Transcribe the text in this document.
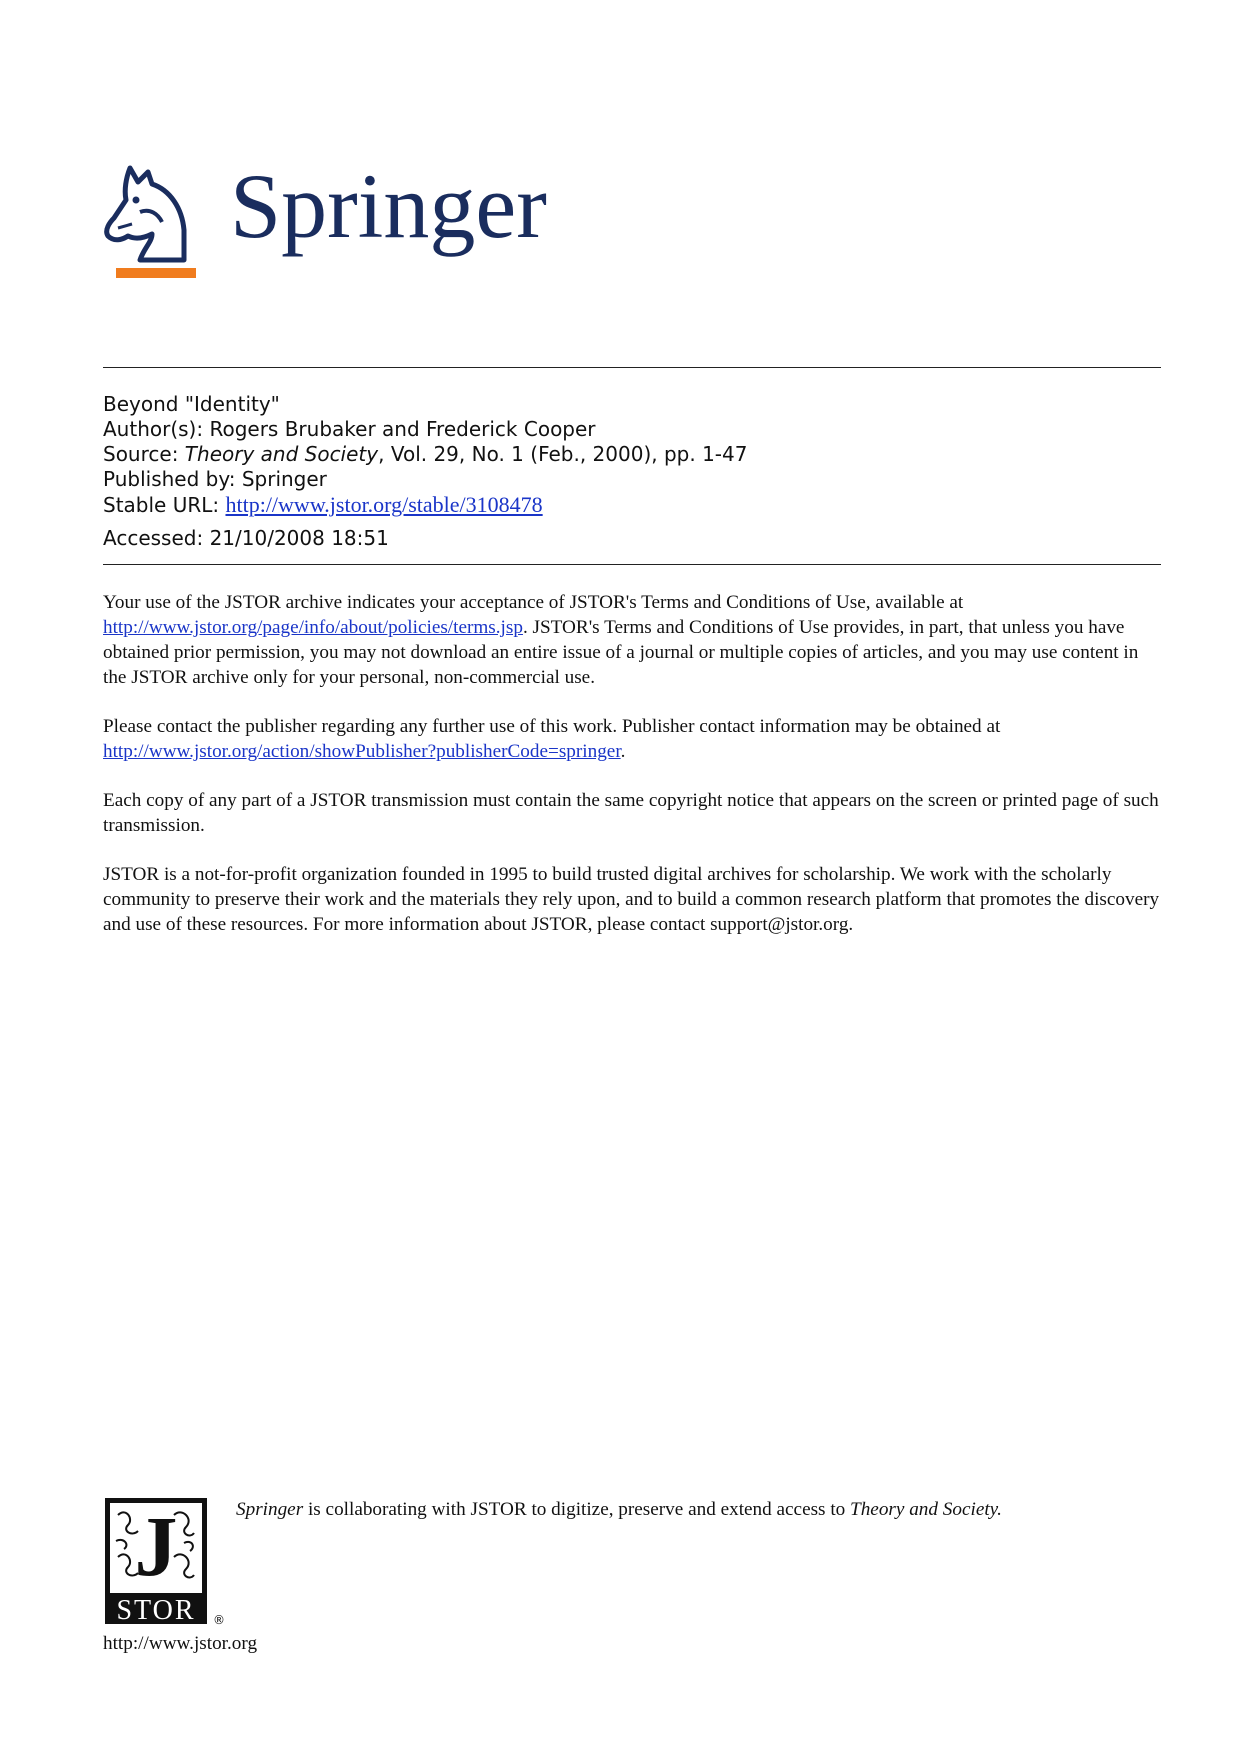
Springer
Beyond "Identity"
Author(s): Rogers Brubaker and Frederick Cooper
Source: Theory and Society, Vol. 29, No. 1 (Feb., 2000), pp. 1-47
Published by: Springer
Stable URL: http://www.jstor.org/stable/3108478
Accessed: 21/10/2008 18:51

Your use of the JSTOR archive indicates your acceptance of JSTOR's Terms and Conditions of Use, available at http://www.jstor.org/page/info/about/policies/terms.jsp. JSTOR's Terms and Conditions of Use provides, in part, that unless you have obtained prior permission, you may not download an entire issue of a journal or multiple copies of articles, and you may use content in the JSTOR archive only for your personal, non-commercial use.

Please contact the publisher regarding any further use of this work. Publisher contact information may be obtained at http://www.jstor.org/action/showPublisher?publisherCode=springer.

Each copy of any part of a JSTOR transmission must contain the same copyright notice that appears on the screen or printed page of such transmission.

JSTOR is a not-for-profit organization founded in 1995 to build trusted digital archives for scholarship. We work with the scholarly community to preserve their work and the materials they rely upon, and to build a common research platform that promotes the discovery and use of these resources. For more information about JSTOR, please contact support@jstor.org.

J
STOR ®
Springer is collaborating with JSTOR to digitize, preserve and extend access to Theory and Society.
http://www.jstor.org
